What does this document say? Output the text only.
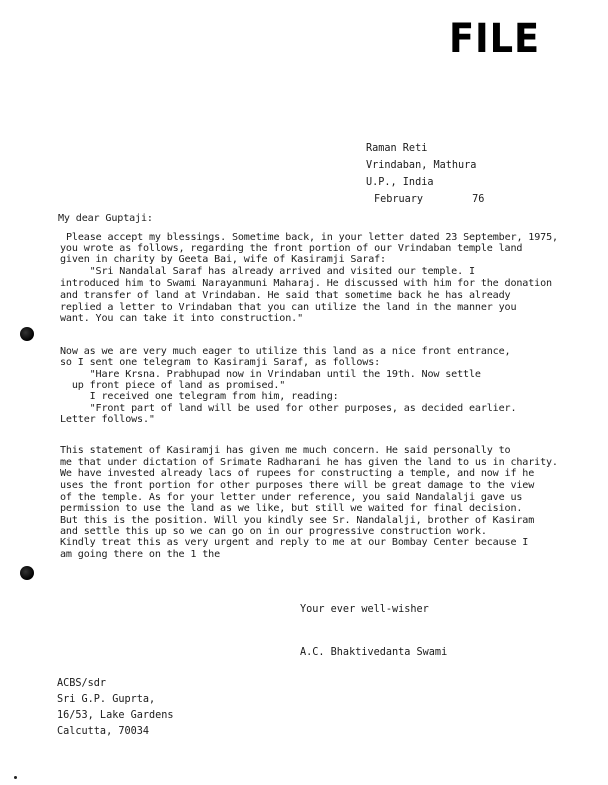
FILE
Raman Reti
Vrindaban, Mathura
U.P., India
February        76
My dear Guptaji:
Please accept my blessings. Sometime back, in your letter dated 23 September, 1975,
you wrote as follows, regarding the front portion of our Vrindaban temple land
given in charity by Geeta Bai, wife of Kasiramji Saraf:
"Sri Nandalal Saraf has already arrived and visited our temple. I
introduced him to Swami Narayanmuni Maharaj. He discussed with him for the donation
and transfer of land at Vrindaban. He said that sometime back he has already
replied a letter to Vrindaban that you can utilize the land in the manner you
want. You can take it into construction."
Now as we are very much eager to utilize this land as a nice front entrance,
so I sent one telegram to Kasiramji Saraf, as follows:
"Hare Krsna. Prabhupad now in Vrindaban until the 19th. Now settle
up front piece of land as promised."
I received one telegram from him, reading:
"Front part of land will be used for other purposes, as decided earlier.
Letter follows."
This statement of Kasiramji has given me much concern. He said personally to
me that under dictation of Srimate Radharani he has given the land to us in charity.
We have invested already lacs of rupees for constructing a temple, and now if he
uses the front portion for other purposes there will be great damage to the view
of the temple. As for your letter under reference, you said Nandalalji gave us
permission to use the land as we like, but still we waited for final decision.
But this is the position. Will you kindly see Sr. Nandalalji, brother of Kasiram
and settle this up so we can go on in our progressive construction work.
Kindly treat this as very urgent and reply to me at our Bombay Center because I
am going there on the 1 the
Your ever well-wisher
A.C. Bhaktivedanta Swami
ACBS/sdr
Sri G.P. Guprta,
16/53, Lake Gardens
Calcutta, 70034
